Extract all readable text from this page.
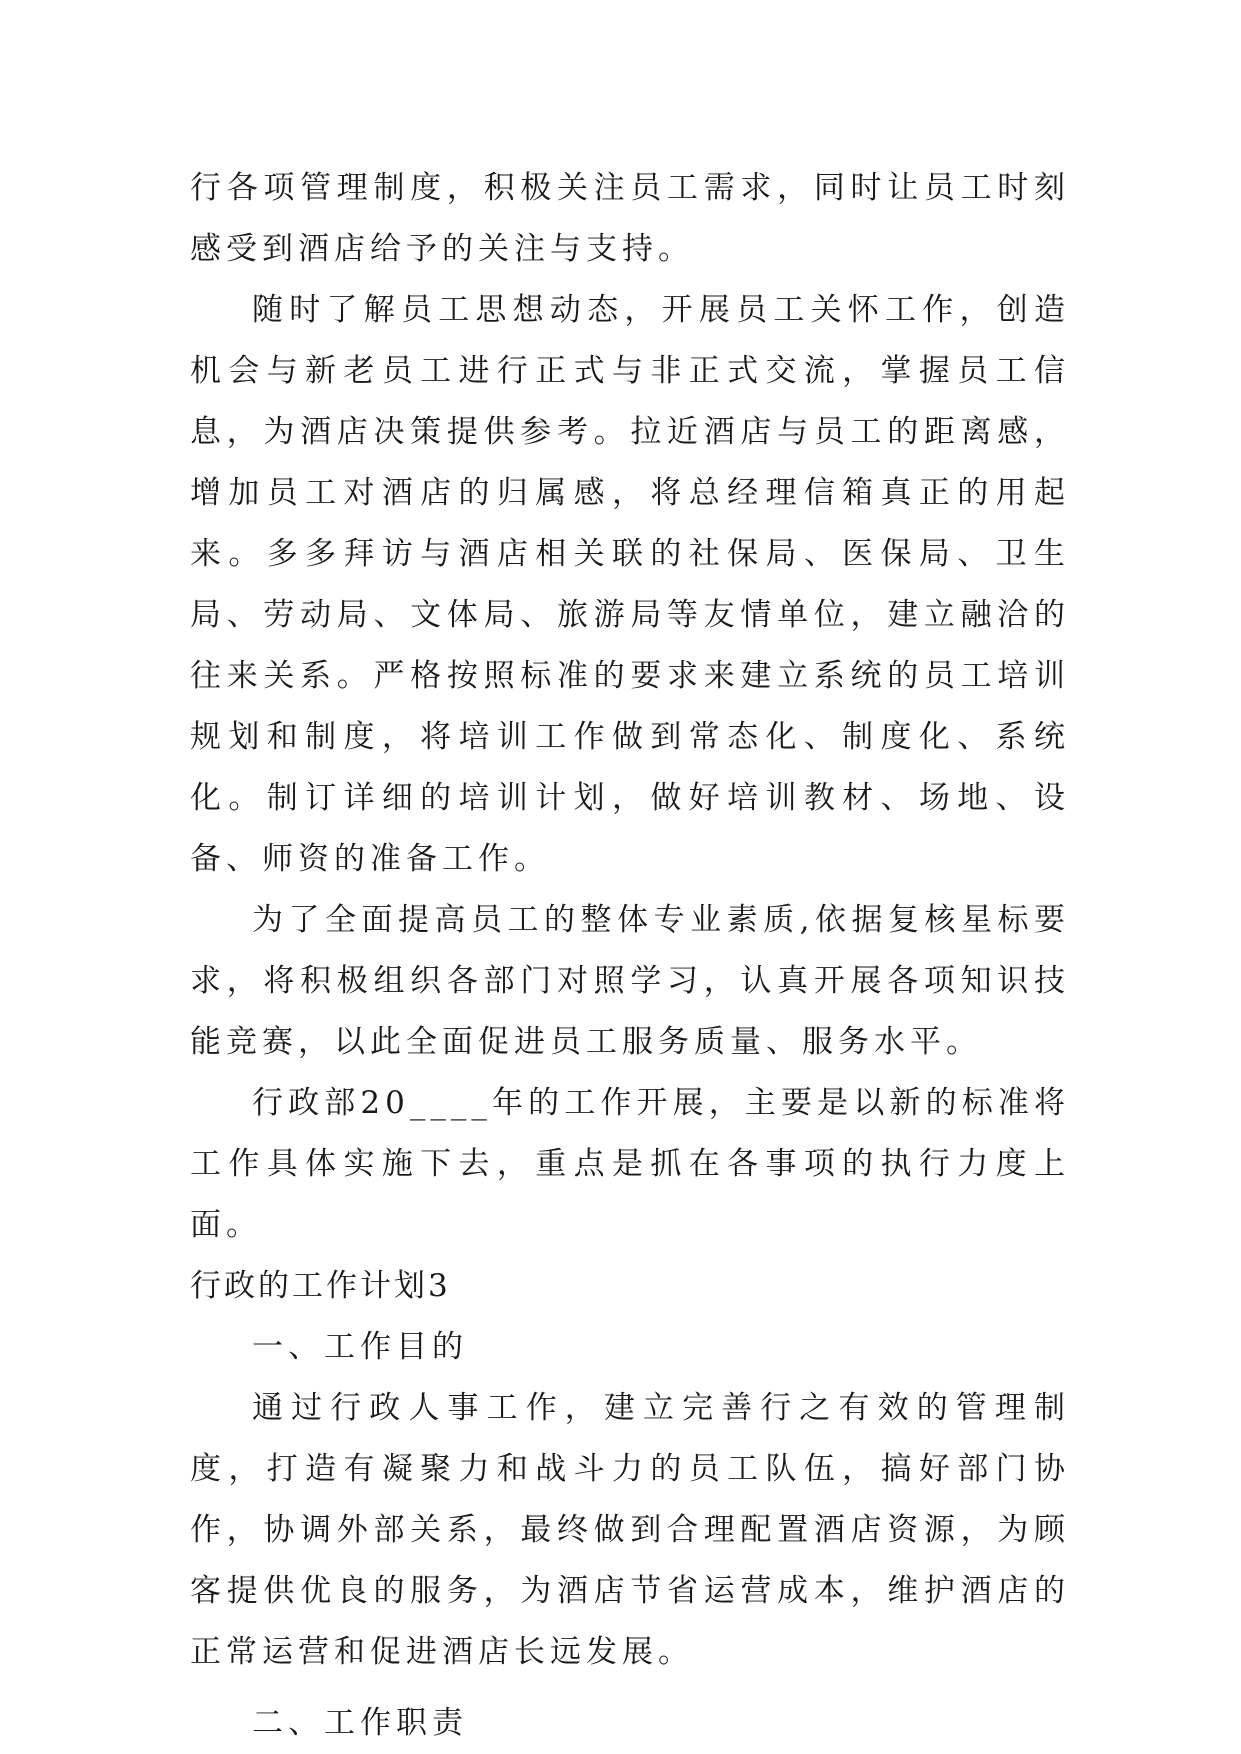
行各项管理制度，积极关注员工需求，同时让员工时刻感受到酒店给予的关注与支持。

随时了解员工思想动态，开展员工关怀工作，创造机会与新老员工进行正式与非正式交流，掌握员工信息，为酒店决策提供参考。拉近酒店与员工的距离感，增加员工对酒店的归属感，将总经理信箱真正的用起来。多多拜访与酒店相关联的社保局、医保局、卫生局、劳动局、文体局、旅游局等友情单位，建立融洽的往来关系。严格按照标准的要求来建立系统的员工培训规划和制度，将培训工作做到常态化、制度化、系统化。制订详细的培训计划，做好培训教材、场地、设备、师资的准备工作。

为了全面提高员工的整体专业素质,依据复核星标要求，将积极组织各部门对照学习，认真开展各项知识技能竞赛，以此全面促进员工服务质量、服务水平。

行政部20____年的工作开展，主要是以新的标准将工作具体实施下去，重点是抓在各事项的执行力度上面。

行政的工作计划3

一、工作目的

通过行政人事工作，建立完善行之有效的管理制度，打造有凝聚力和战斗力的员工队伍，搞好部门协作，协调外部关系，最终做到合理配置酒店资源，为顾客提供优良的服务，为酒店节省运营成本，维护酒店的正常运营和促进酒店长远发展。

二、工作职责
